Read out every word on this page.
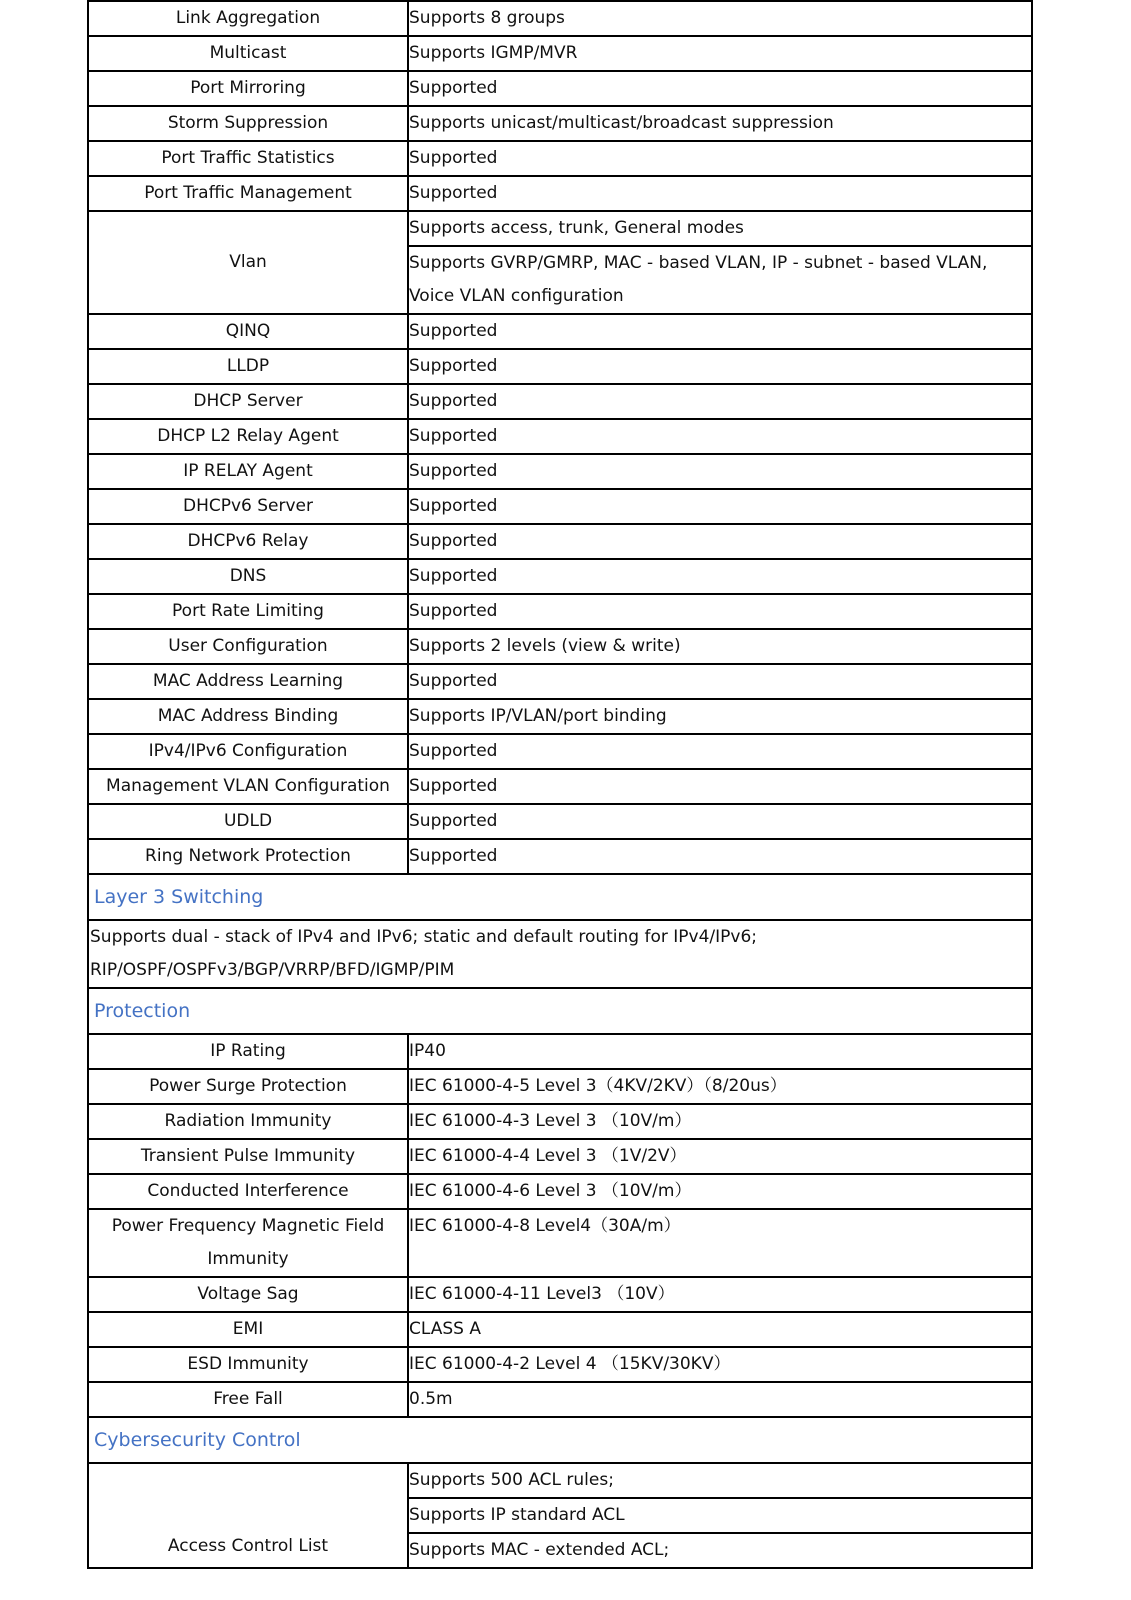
Link Aggregation	Supports 8 groups
Multicast	Supports IGMP/MVR
Port Mirroring	Supported
Storm Suppression	Supports unicast/multicast/broadcast suppression
Port Traffic Statistics	Supported
Port Traffic Management	Supported
Vlan	Supports access, trunk, General modes
	Supports GVRP/GMRP, MAC - based VLAN, IP - subnet - based VLAN, Voice VLAN configuration
QINQ	Supported
LLDP	Supported
DHCP Server	Supported
DHCP L2 Relay Agent	Supported
IP RELAY Agent	Supported
DHCPv6 Server	Supported
DHCPv6 Relay	Supported
DNS	Supported
Port Rate Limiting	Supported
User Configuration	Supports 2 levels (view & write)
MAC Address Learning	Supported
MAC Address Binding	Supports IP/VLAN/port binding
IPv4/IPv6 Configuration	Supported
Management VLAN Configuration	Supported
UDLD	Supported
Ring Network Protection	Supported
Layer 3 Switching	

Supports dual - stack of IPv4 and IPv6; static and default routing for IPv4/IPv6;
RIP/OSPF/OSPFv3/BGP/VRRP/BFD/IGMP/PIM	

Protection	
IP Rating	IP40
Power Surge Protection	IEC 61000-4-5 Level 3（4KV/2KV）（8/20us）
Radiation Immunity	IEC 61000-4-3 Level 3 （10V/m）
Transient Pulse Immunity	IEC 61000-4-4 Level 3 （1V/2V）
Conducted Interference	IEC 61000-4-6 Level 3 （10V/m）

Power Frequency Magnetic Field
Immunity	IEC 61000-4-8 Level4（30A/m）
Voltage Sag	IEC 61000-4-11 Level3 （10V）
EMI	CLASS A
ESD Immunity	IEC 61000-4-2 Level 4 （15KV/30KV）
Free Fall	0.5m
Cybersecurity Control	
Access Control List	Supports 500 ACL rules;
	Supports IP standard ACL
	Supports MAC - extended ACL;
